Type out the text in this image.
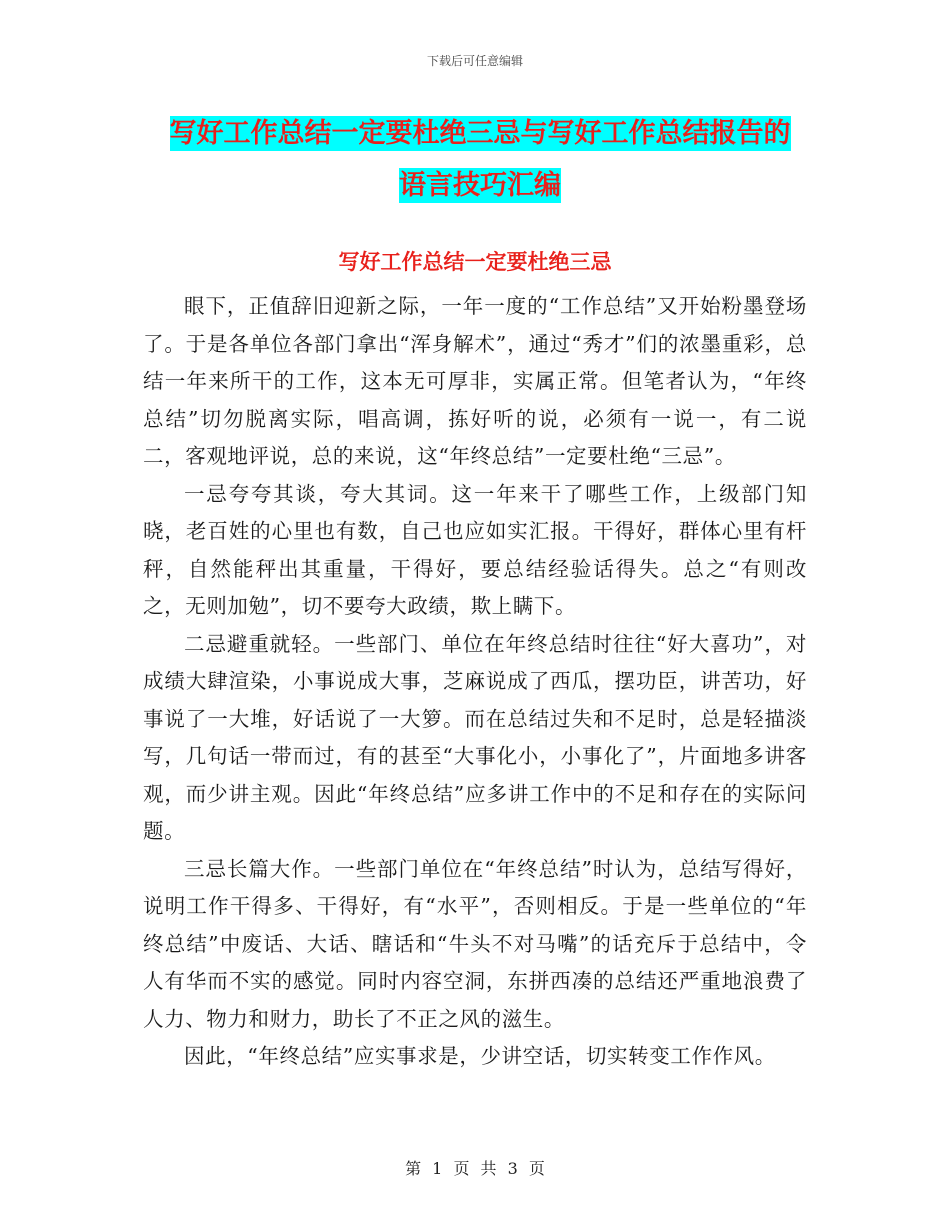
下载后可任意编辑
写好工作总结一定要杜绝三忌与写好工作总结报告的
语言技巧汇编
写好工作总结一定要杜绝三忌

眼下，正值辞旧迎新之际，一年一度的“工作总结”又开始粉墨登场了。于是各单位各部门拿出“浑身解术”，通过“秀才”们的浓墨重彩，总结一年来所干的工作，这本无可厚非，实属正常。但笔者认为，“年终总结”切勿脱离实际，唱高调，拣好听的说，必须有一说一，有二说二，客观地评说，总的来说，这“年终总结”一定要杜绝“三忌”。

一忌夸夸其谈，夸大其词。这一年来干了哪些工作，上级部门知晓，老百姓的心里也有数，自己也应如实汇报。干得好，群体心里有杆秤，自然能秤出其重量，干得好，要总结经验话得失。总之“有则改之，无则加勉”，切不要夸大政绩，欺上瞒下。

二忌避重就轻。一些部门、单位在年终总结时往往“好大喜功”，对成绩大肆渲染，小事说成大事，芝麻说成了西瓜，摆功臣，讲苦功，好事说了一大堆，好话说了一大箩。而在总结过失和不足时，总是轻描淡写，几句话一带而过，有的甚至“大事化小，小事化了”，片面地多讲客观，而少讲主观。因此“年终总结”应多讲工作中的不足和存在的实际问题。

三忌长篇大作。一些部门单位在“年终总结”时认为，总结写得好，说明工作干得多、干得好，有“水平”，否则相反。于是一些单位的“年终总结”中废话、大话、瞎话和“牛头不对马嘴”的话充斥于总结中，令人有华而不实的感觉。同时内容空洞，东拼西凑的总结还严重地浪费了人力、物力和财力，助长了不正之风的滋生。

因此，“年终总结”应实事求是，少讲空话，切实转变工作作风。

第 1 页 共 3 页
